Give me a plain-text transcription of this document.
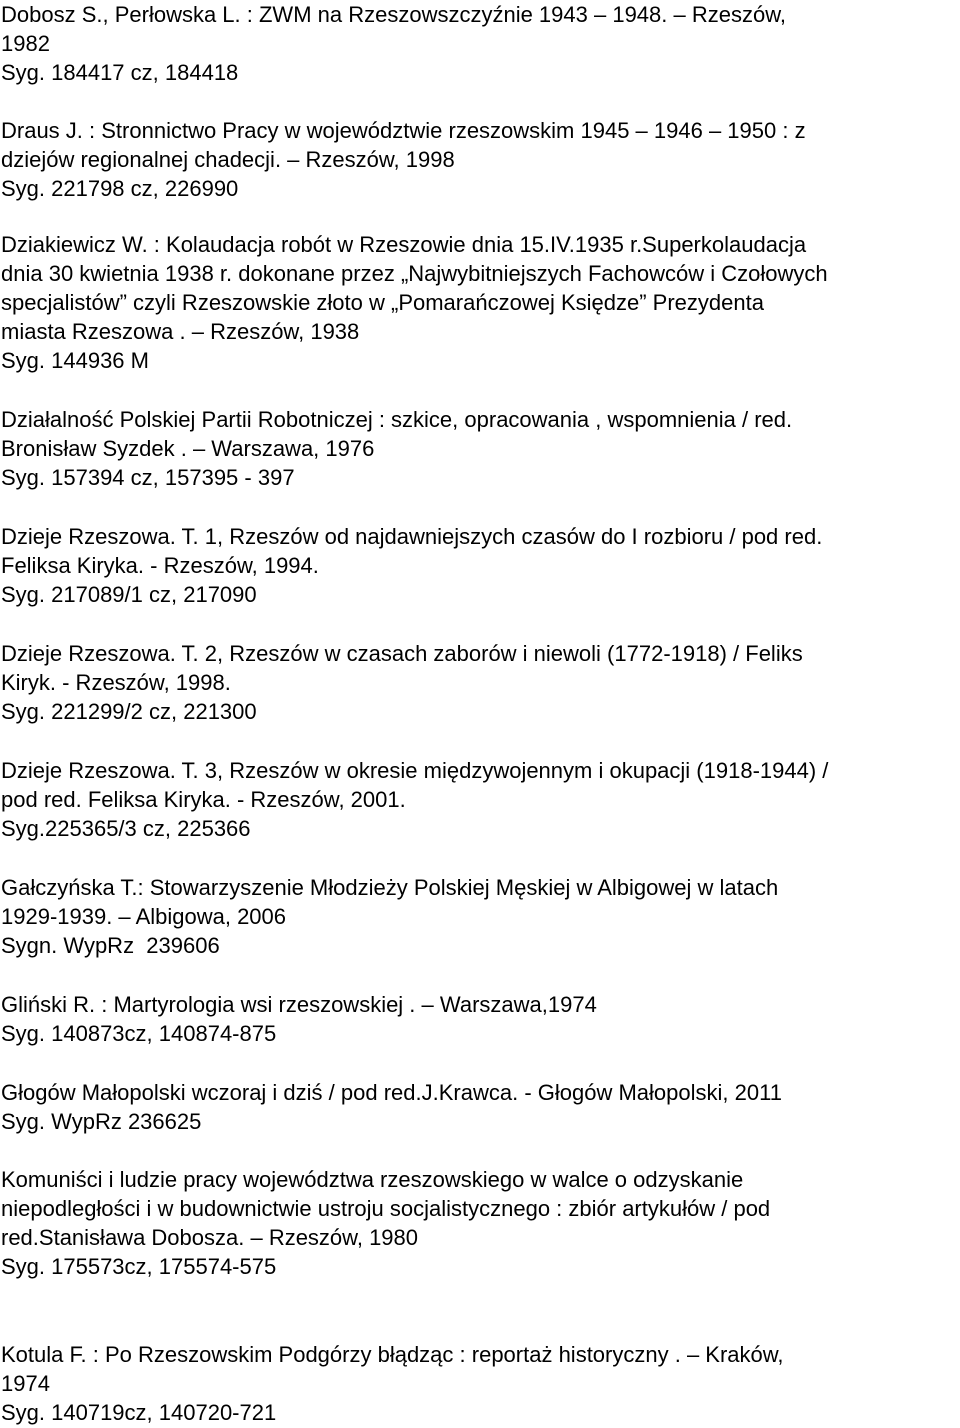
Dobosz S., Perłowska L. : ZWM na Rzeszowszczyźnie 1943 – 1948. – Rzeszów,
1982
Syg. 184417 cz, 184418
Draus J. : Stronnictwo Pracy w województwie rzeszowskim 1945 – 1946 – 1950 : z
dziejów regionalnej chadecji. – Rzeszów, 1998
Syg. 221798 cz, 226990
Dziakiewicz W. : Kolaudacja robót w Rzeszowie dnia 15.IV.1935 r.Superkolaudacja
dnia 30 kwietnia 1938 r. dokonane przez „Najwybitniejszych Fachowców i Czołowych
specjalistów” czyli Rzeszowskie złoto w „Pomarańczowej Księdze” Prezydenta
miasta Rzeszowa . – Rzeszów, 1938
Syg. 144936 M
Działalność Polskiej Partii Robotniczej : szkice, opracowania , wspomnienia / red.
Bronisław Syzdek . – Warszawa, 1976
Syg. 157394 cz, 157395 - 397
Dzieje Rzeszowa. T. 1, Rzeszów od najdawniejszych czasów do I rozbioru / pod red.
Feliksa Kiryka. - Rzeszów, 1994.
Syg. 217089/1 cz, 217090
Dzieje Rzeszowa. T. 2, Rzeszów w czasach zaborów i niewoli (1772-1918) / Feliks
Kiryk. - Rzeszów, 1998.
Syg. 221299/2 cz, 221300
Dzieje Rzeszowa. T. 3, Rzeszów w okresie międzywojennym i okupacji (1918-1944) /
pod red. Feliksa Kiryka. - Rzeszów, 2001.
Syg.225365/3 cz, 225366
Gałczyńska T.: Stowarzyszenie Młodzieży Polskiej Męskiej w Albigowej w latach
1929-1939. – Albigowa, 2006
Sygn. WypRz  239606
Gliński R. : Martyrologia wsi rzeszowskiej . – Warszawa,1974
Syg. 140873cz, 140874-875
Głogów Małopolski wczoraj i dziś / pod red.J.Krawca. - Głogów Małopolski, 2011
Syg. WypRz 236625
Komuniści i ludzie pracy województwa rzeszowskiego w walce o odzyskanie
niepodległości i w budownictwie ustroju socjalistycznego : zbiór artykułów / pod
red.Stanisława Dobosza. – Rzeszów, 1980
Syg. 175573cz, 175574-575
Kotula F. : Po Rzeszowskim Podgórzy błądząc : reportaż historyczny . – Kraków,
1974
Syg. 140719cz, 140720-721
